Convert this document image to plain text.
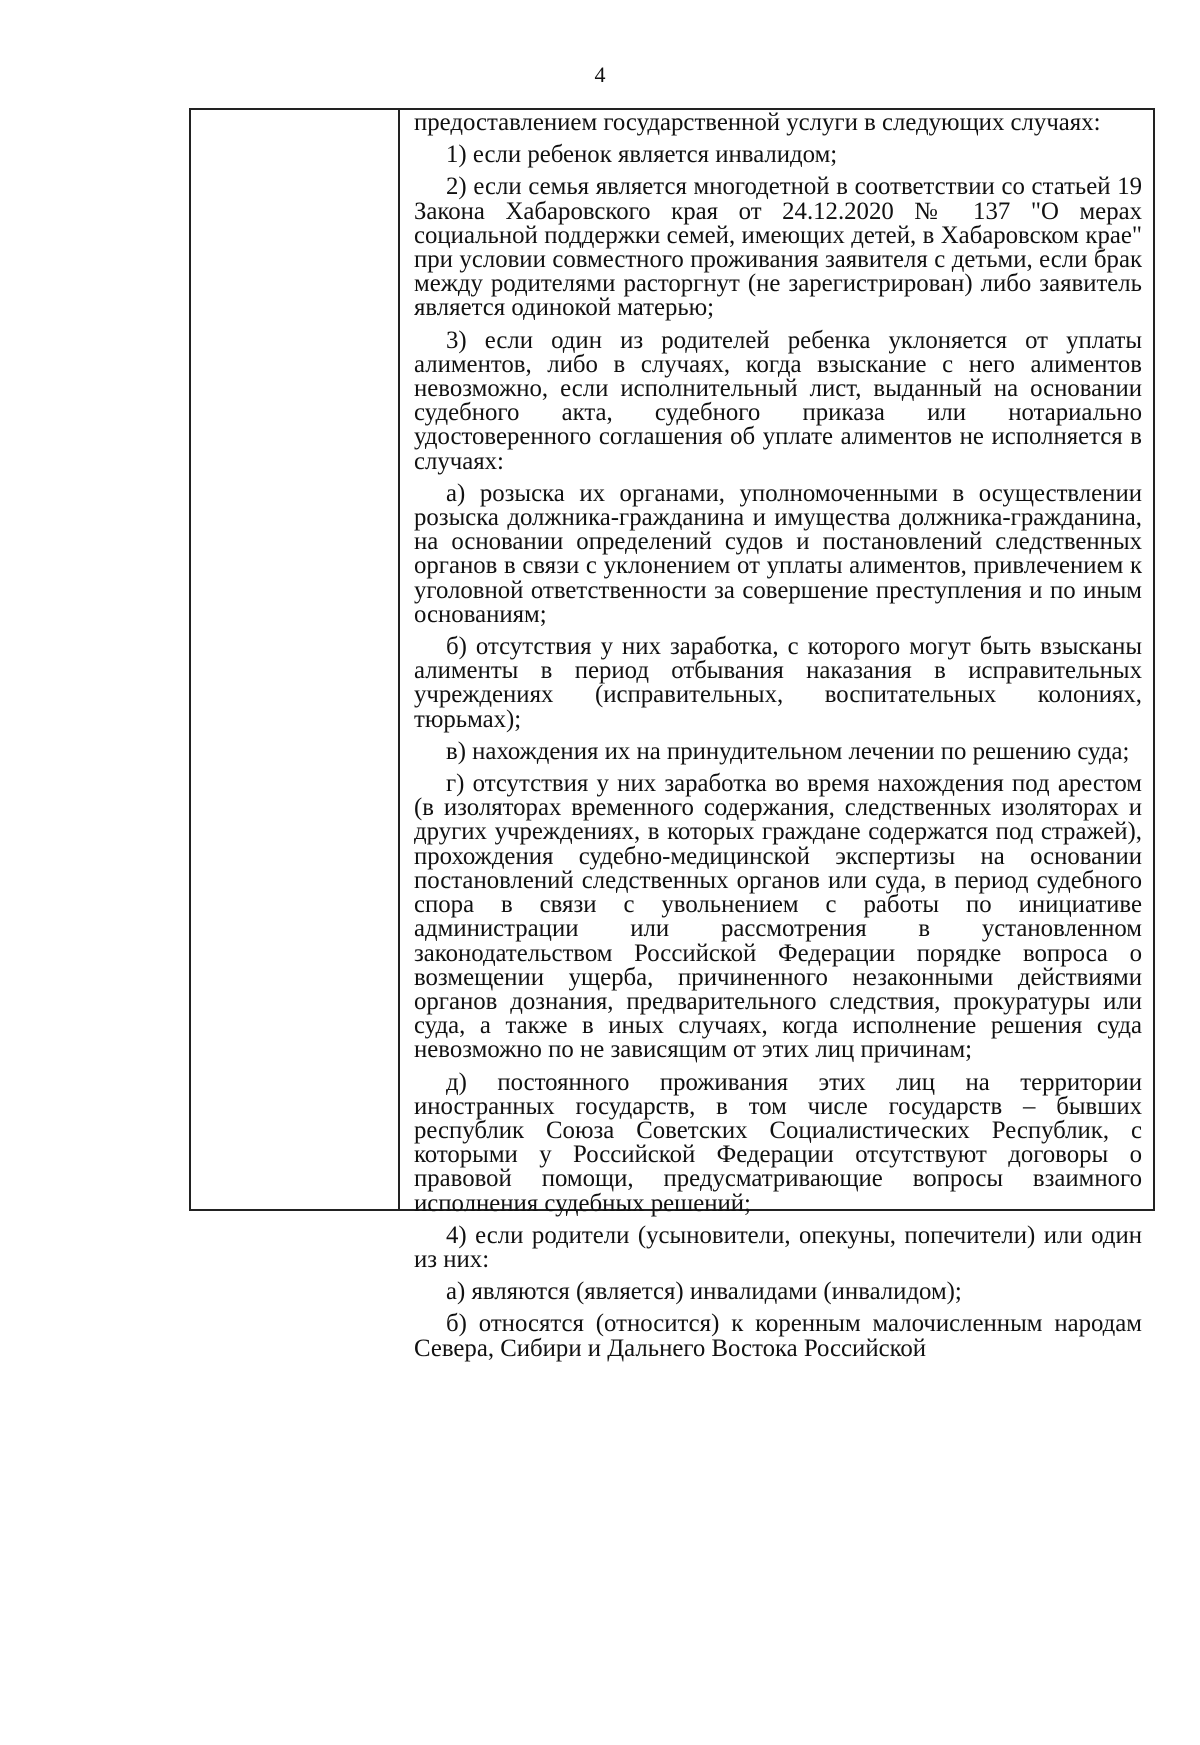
4

предоставлением государственной услуги в следующих случаях:

1) если ребенок является инвалидом;

2) если семья является многодетной в соответствии со статьей 19 Закона Хабаровского края от 24.12.2020 № 137 "О мерах социальной поддержки семей, имеющих детей, в Хабаровском крае" при условии совместного проживания заявителя с детьми, если брак между родителями расторгнут (не зарегистрирован) либо заявитель является одинокой матерью;

3) если один из родителей ребенка уклоняется от уплаты алиментов, либо в случаях, когда взыскание с него алиментов невозможно, если исполнительный лист, выданный на основании судебного акта, судебного приказа или нотариально удостоверенного соглашения об уплате алиментов не исполняется в случаях:

а) розыска их органами, уполномоченными в осуществлении розыска должника-гражданина и имущества должника-гражданина, на основании определений судов и постановлений следственных органов в связи с уклонением от уплаты алиментов, привлечением к уголовной ответственности за совершение преступления и по иным основаниям;

б) отсутствия у них заработка, с которого могут быть взысканы алименты в период отбывания наказания в исправительных учреждениях (исправительных, воспитательных колониях, тюрьмах);

в) нахождения их на принудительном лечении по решению суда;

г) отсутствия у них заработка во время нахождения под арестом (в изоляторах временного содержания, следственных изоляторах и других учреждениях, в которых граждане содержатся под стражей), прохождения судебно-медицинской экспертизы на основании постановлений следственных органов или суда, в период судебного спора в связи с увольнением с работы по инициативе администрации или рассмотрения в установленном законодательством Российской Федерации порядке вопроса о возмещении ущерба, причиненного незаконными действиями органов дознания, предварительного следствия, прокуратуры или суда, а также в иных случаях, когда исполнение решения суда невозможно по не зависящим от этих лиц причинам;

д) постоянного проживания этих лиц на территории иностранных государств, в том числе государств – бывших республик Союза Советских Социалистических Республик, с которыми у Российской Федерации отсутствуют договоры о правовой помощи, предусматривающие вопросы взаимного исполнения судебных решений;

4) если родители (усыновители, опекуны, попечители) или один из них:

а) являются (является) инвалидами (инвалидом);

б) относятся (относится) к коренным малочисленным народам Севера, Сибири и Дальнего Востока Российской
